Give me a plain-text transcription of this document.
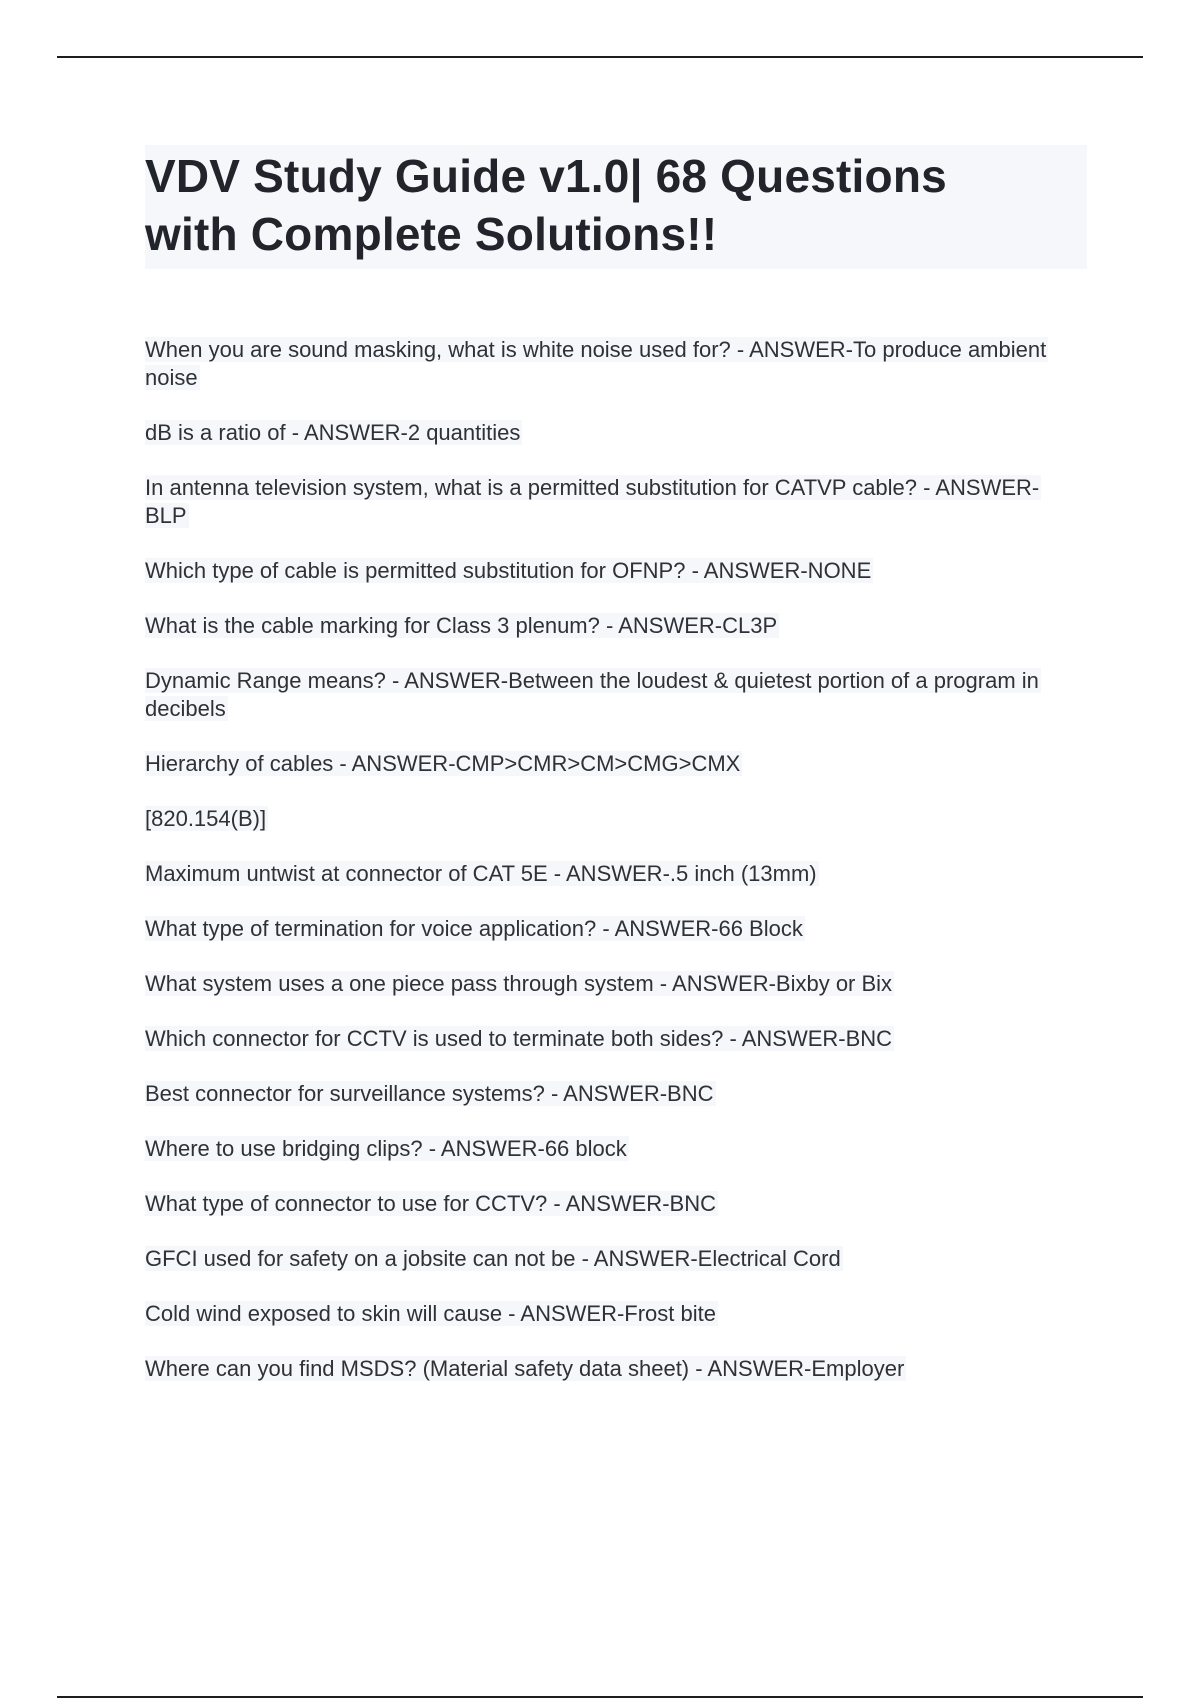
VDV Study Guide v1.0| 68 Questions
with Complete Solutions!!
When you are sound masking, what is white noise used for? - ANSWER-To produce ambient noise
dB is a ratio of - ANSWER-2 quantities
In antenna television system, what is a permitted substitution for CATVP cable? - ANSWER-BLP
Which type of cable is permitted substitution for OFNP? - ANSWER-NONE
What is the cable marking for Class 3 plenum? - ANSWER-CL3P
Dynamic Range means? - ANSWER-Between the loudest & quietest portion of a program in decibels
Hierarchy of cables - ANSWER-CMP>CMR>CM>CMG>CMX
[820.154(B)]
Maximum untwist at connector of CAT 5E - ANSWER-.5 inch (13mm)
What type of termination for voice application? - ANSWER-66 Block
What system uses a one piece pass through system - ANSWER-Bixby or Bix
Which connector for CCTV is used to terminate both sides? - ANSWER-BNC
Best connector for surveillance systems? - ANSWER-BNC
Where to use bridging clips? - ANSWER-66 block
What type of connector to use for CCTV? - ANSWER-BNC
GFCI used for safety on a jobsite can not be - ANSWER-Electrical Cord
Cold wind exposed to skin will cause - ANSWER-Frost bite
Where can you find MSDS? (Material safety data sheet) - ANSWER-Employer
